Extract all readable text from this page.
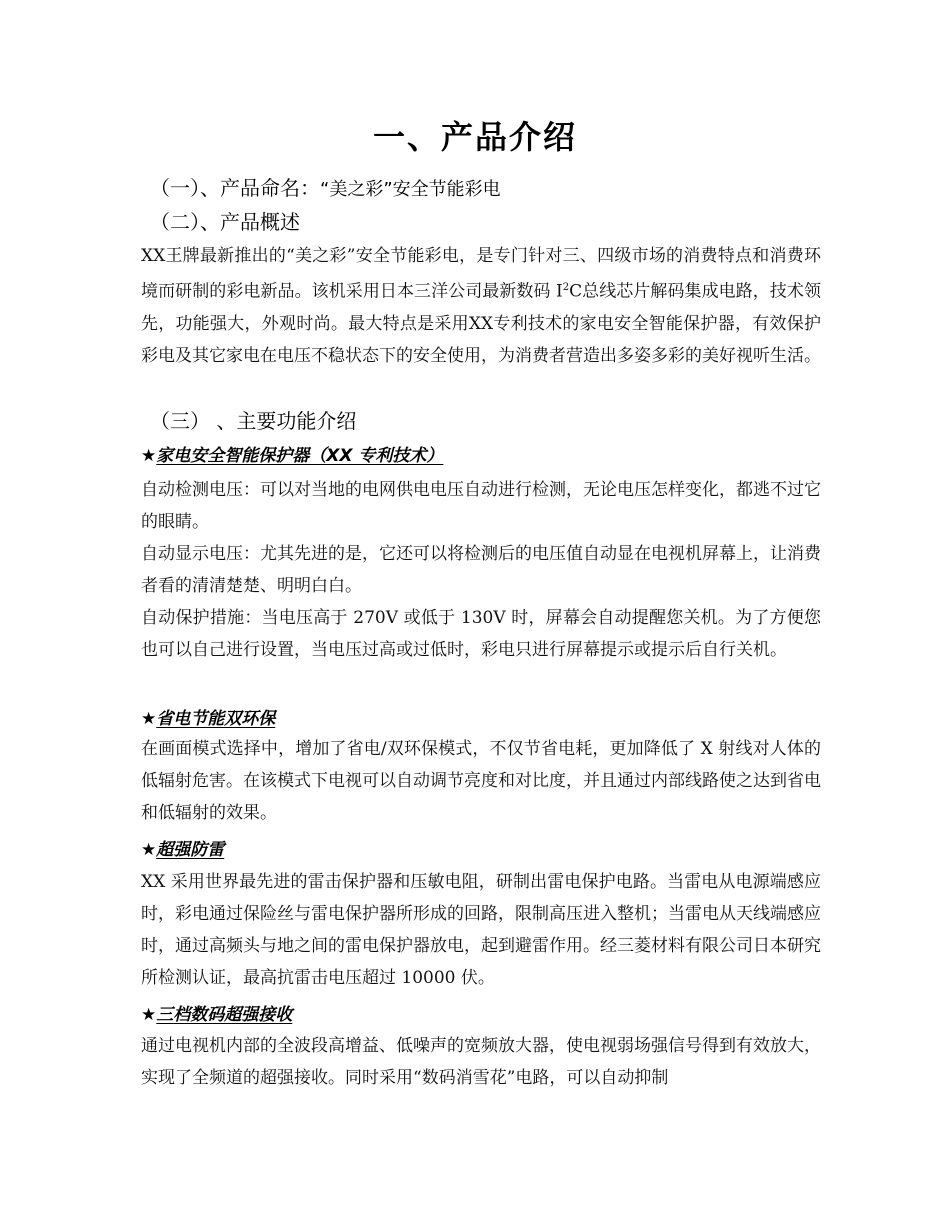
一、产品介绍
（一）、产品命名：“美之彩”安全节能彩电
（二）、产品概述

XX王牌最新推出的“美之彩”安全节能彩电，是专门针对三、四级市场的消费特点和消费环境而研制的彩电新品。该机采用日本三洋公司最新数码 $I^2C$总线芯片解码集成电路，技术领先，功能强大，外观时尚。最大特点是采用XX专利技术的家电安全智能保护器，有效保护彩电及其它家电在电压不稳状态下的安全使用，为消费者营造出多姿多彩的美好视听生活。

（三） 、主要功能介绍
★家电安全智能保护器（XX 专利技术）

自动检测电压：可以对当地的电网供电电压自动进行检测，无论电压怎样变化，都逃不过它的眼睛。

自动显示电压：尤其先进的是，它还可以将检测后的电压值自动显在电视机屏幕上，让消费者看的清清楚楚、明明白白。

自动保护措施：当电压高于 270V 或低于 130V 时，屏幕会自动提醒您关机。为了方便您也可以自己进行设置，当电压过高或过低时，彩电只进行屏幕提示或提示后自行关机。

★省电节能双环保

在画面模式选择中，增加了省电/双环保模式，不仅节省电耗，更加降低了 X 射线对人体的低辐射危害。在该模式下电视可以自动调节亮度和对比度，并且通过内部线路使之达到省电和低辐射的效果。

★超强防雷

XX 采用世界最先进的雷击保护器和压敏电阻，研制出雷电保护电路。当雷电从电源端感应时，彩电通过保险丝与雷电保护器所形成的回路，限制高压进入整机；当雷电从天线端感应时，通过高频头与地之间的雷电保护器放电，起到避雷作用。经三菱材料有限公司日本研究所检测认证，最高抗雷击电压超过 10000 伏。

★三档数码超强接收

通过电视机内部的全波段高增益、低噪声的宽频放大器，使电视弱场强信号得到有效放大，实现了全频道的超强接收。同时采用“数码消雪花”电路，可以自动抑制
